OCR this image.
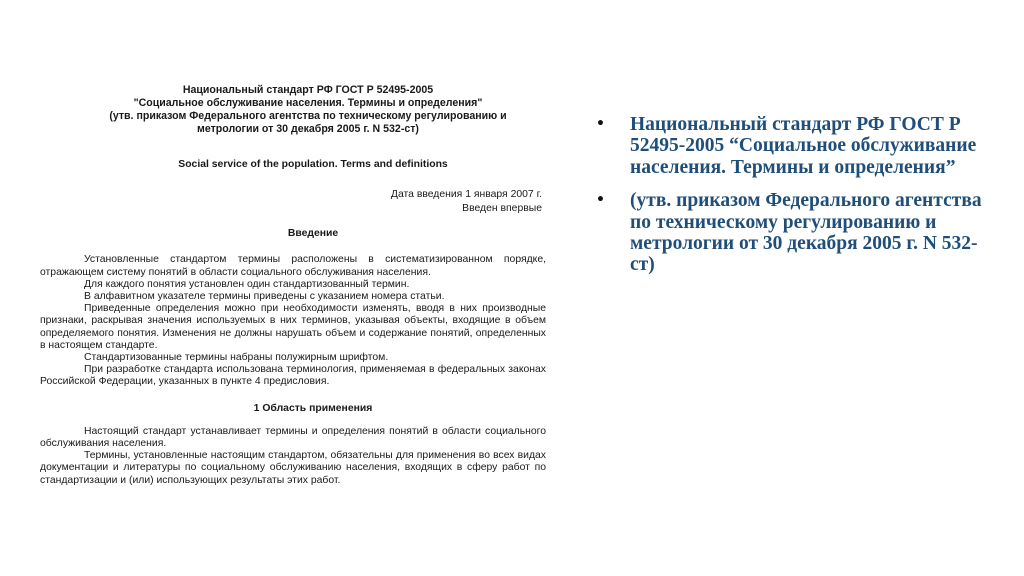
Национальный стандарт РФ ГОСТ Р 52495-2005
"Социальное обслуживание населения. Термины и определения"
(утв. приказом Федерального агентства по техническому регулированию и
метрологии от 30 декабря 2005 г. N 532-ст)
Social service of the population. Terms and definitions
Дата введения 1 января 2007 г.
Введен впервые
Введение

Установленные стандартом термины расположены в систематизированном порядке, отражающем систему понятий в области социального обслуживания населения.

Для каждого понятия установлен один стандартизованный термин.

В алфавитном указателе термины приведены с указанием номера статьи.

Приведенные определения можно при необходимости изменять, вводя в них производные признаки, раскрывая значения используемых в них терминов, указывая объекты, входящие в объем определяемого понятия. Изменения не должны нарушать объем и содержание понятий, определенных в настоящем стандарте.

Стандартизованные термины набраны полужирным шрифтом.

При разработке стандарта использована терминология, применяемая в федеральных законах Российской Федерации, указанных в пункте 4 предисловия.

1 Область применения

Настоящий стандарт устанавливает термины и определения понятий в области социального обслуживания населения.

Термины, установленные настоящим стандартом, обязательны для применения во всех видах документации и литературы по социальному обслуживанию населения, входящих в сферу работ по стандартизации и (или) использующих результаты этих работ.

• Национальный стандарт РФ ГОСТ Р 52495-2005 “Социальное обслуживание населения. Термины и определения”
• (утв. приказом Федерального агентства по техническому регулированию и метрологии от 30 декабря 2005 г. N 532-ст)
